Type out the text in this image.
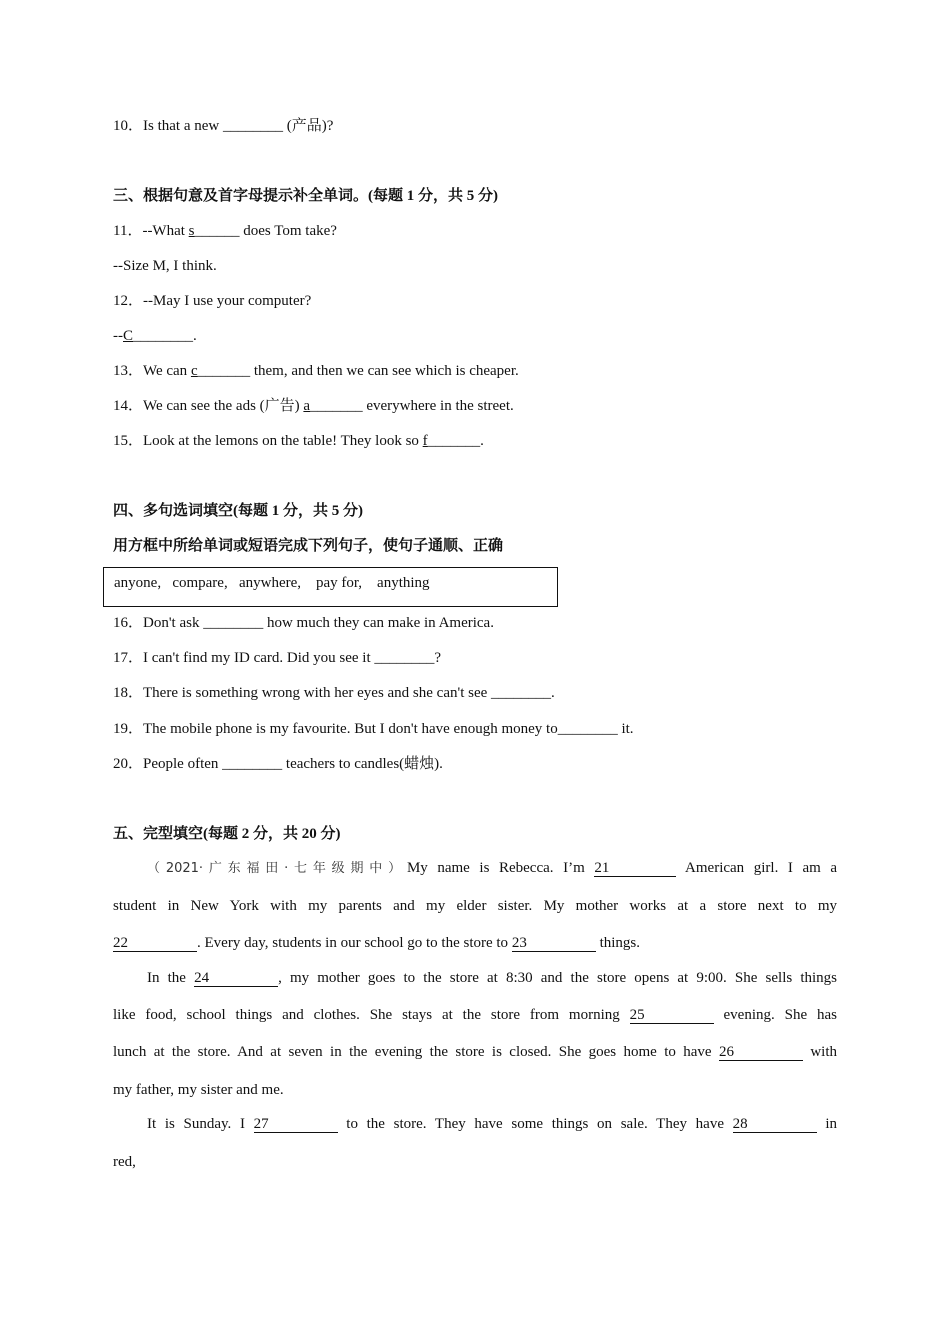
10．Is that a new ________ (产品)?
三、根据句意及首字母提示补全单词。(每题 1 分，共 5 分)
11．--What s______ does Tom take?
--Size M, I think.
12．--May I use your computer?
--C________.
13．We can c_______ them, and then we can see which is cheaper.
14．We can see the ads (广告) a_______ everywhere in the street.
15．Look at the lemons on the table! They look so f_______.
四、多句选词填空(每题 1 分，共 5 分)
用方框中所给单词或短语完成下列句子，使句子通顺、正确
anyone,   compare,   anywhere,    pay for,    anything
16．Don't ask ________ how much they can make in America.
17．I can't find my ID card. Did you see it ________?
18．There is something wrong with her eyes and she can't see ________.
19．The mobile phone is my favourite. But I don't have enough money to________ it.
20．People often ________ teachers to candles(蜡烛).
五、完型填空(每题 2 分，共 20 分)
（2021·广东福田·七年级期中）My name is Rebecca. I’m 21	American girl. I am a
student in New York with my parents and my elder sister. My mother works at a store next to my
22	. Every day, students in our school go to the store to 23	things.
In the 24	, my mother goes to the store at 8:30 and the store opens at 9:00. She sells things
like food, school things and clothes. She stays at the store from morning 25	evening. She has
lunch at the store. And at seven in the evening the store is closed. She goes home to have 26	with
my father, my sister and me.
It is Sunday. I 27	to the store. They have some things on sale. They have 28	in
red,
